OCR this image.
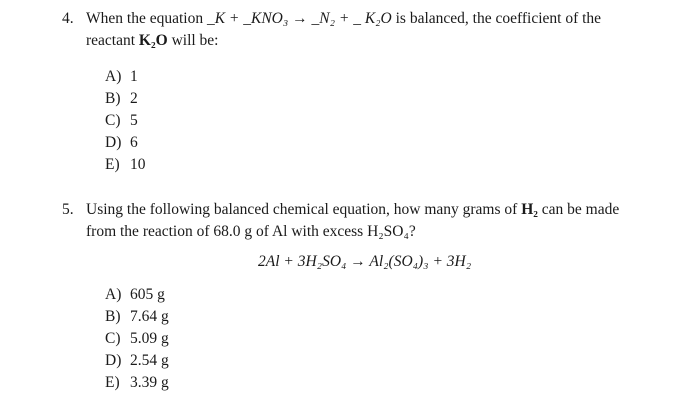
4. When the equation _K + _KNO₃ → _N₂ + _ K₂O is balanced, the coefficient of the
reactant K₂O will be:
A) 1
B) 2
C) 5
D) 6
E) 10
5. Using the following balanced chemical equation, how many grams of H₂ can be made
from the reaction of 68.0 g of Al with excess H₂SO₄?
2Al + 3H₂SO₄ → Al₂(SO₄)₃ + 3H₂
A) 605 g
B) 7.64 g
C) 5.09 g
D) 2.54 g
E) 3.39 g
